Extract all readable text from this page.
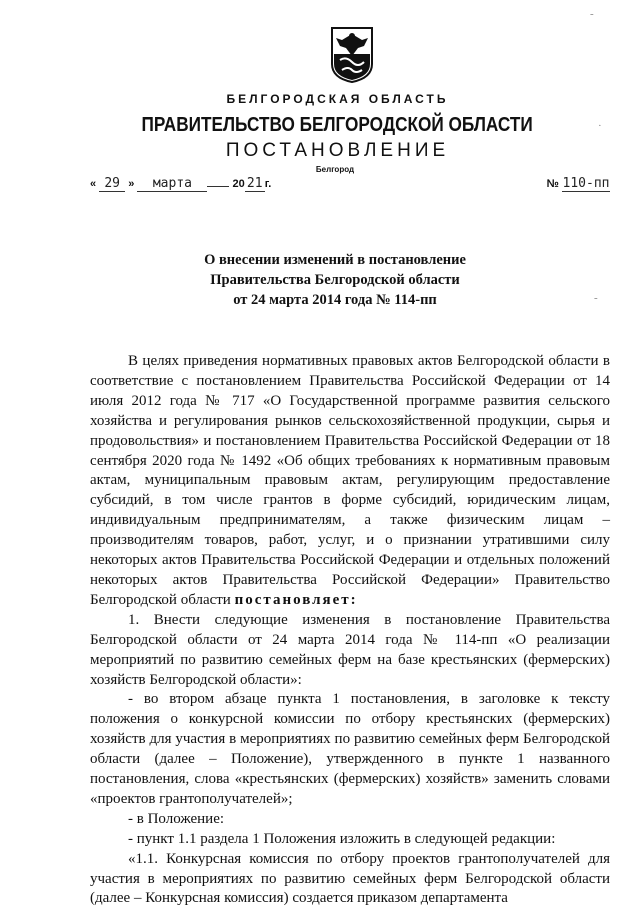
БЕЛГОРОДСКАЯ ОБЛАСТЬ
ПРАВИТЕЛЬСТВО БЕЛГОРОДСКОЙ ОБЛАСТИ
ПОСТАНОВЛЕНИЕ
Белгород
« 29 » марта	20 21 г.	№ 110-пп
О внесении изменений в постановление
Правительства Белгородской области
от 24 марта 2014 года № 114-пп

В целях приведения нормативных правовых актов Белгородской области в соответствие с постановлением Правительства Российской Федерации от 14 июля 2012 года № 717 «О Государственной программе развития сельского хозяйства и регулирования рынков сельскохозяйственной продукции, сырья и продовольствия» и постановлением Правительства Российской Федерации от 18 сентября 2020 года № 1492 «Об общих требованиях к нормативным правовым актам, муниципальным правовым актам, регулирующим предоставление субсидий, в том числе грантов в форме субсидий, юридическим лицам, индивидуальным предпринимателям, а также физическим лицам – производителям товаров, работ, услуг, и о признании утратившими силу некоторых актов Правительства Российской Федерации и отдельных положений некоторых актов Правительства Российской Федерации» Правительство Белгородской области постановляет:

1. Внести следующие изменения в постановление Правительства Белгородской области от 24 марта 2014 года № 114-пп «О реализации мероприятий по развитию семейных ферм на базе крестьянских (фермерских) хозяйств Белгородской области»:

- во втором абзаце пункта 1 постановления, в заголовке к тексту положения о конкурсной комиссии по отбору крестьянских (фермерских) хозяйств для участия в мероприятиях по развитию семейных ферм Белгородской области (далее – Положение), утвержденного в пункте 1 названного постановления, слова «крестьянских (фермерских) хозяйств» заменить словами «проектов грантополучателей»;

- в Положение:

- пункт 1.1 раздела 1 Положения изложить в следующей редакции:

«1.1. Конкурсная комиссия по отбору проектов грантополучателей для участия в мероприятиях по развитию семейных ферм Белгородской области (далее – Конкурсная комиссия) создается приказом департамента

-
·
-
